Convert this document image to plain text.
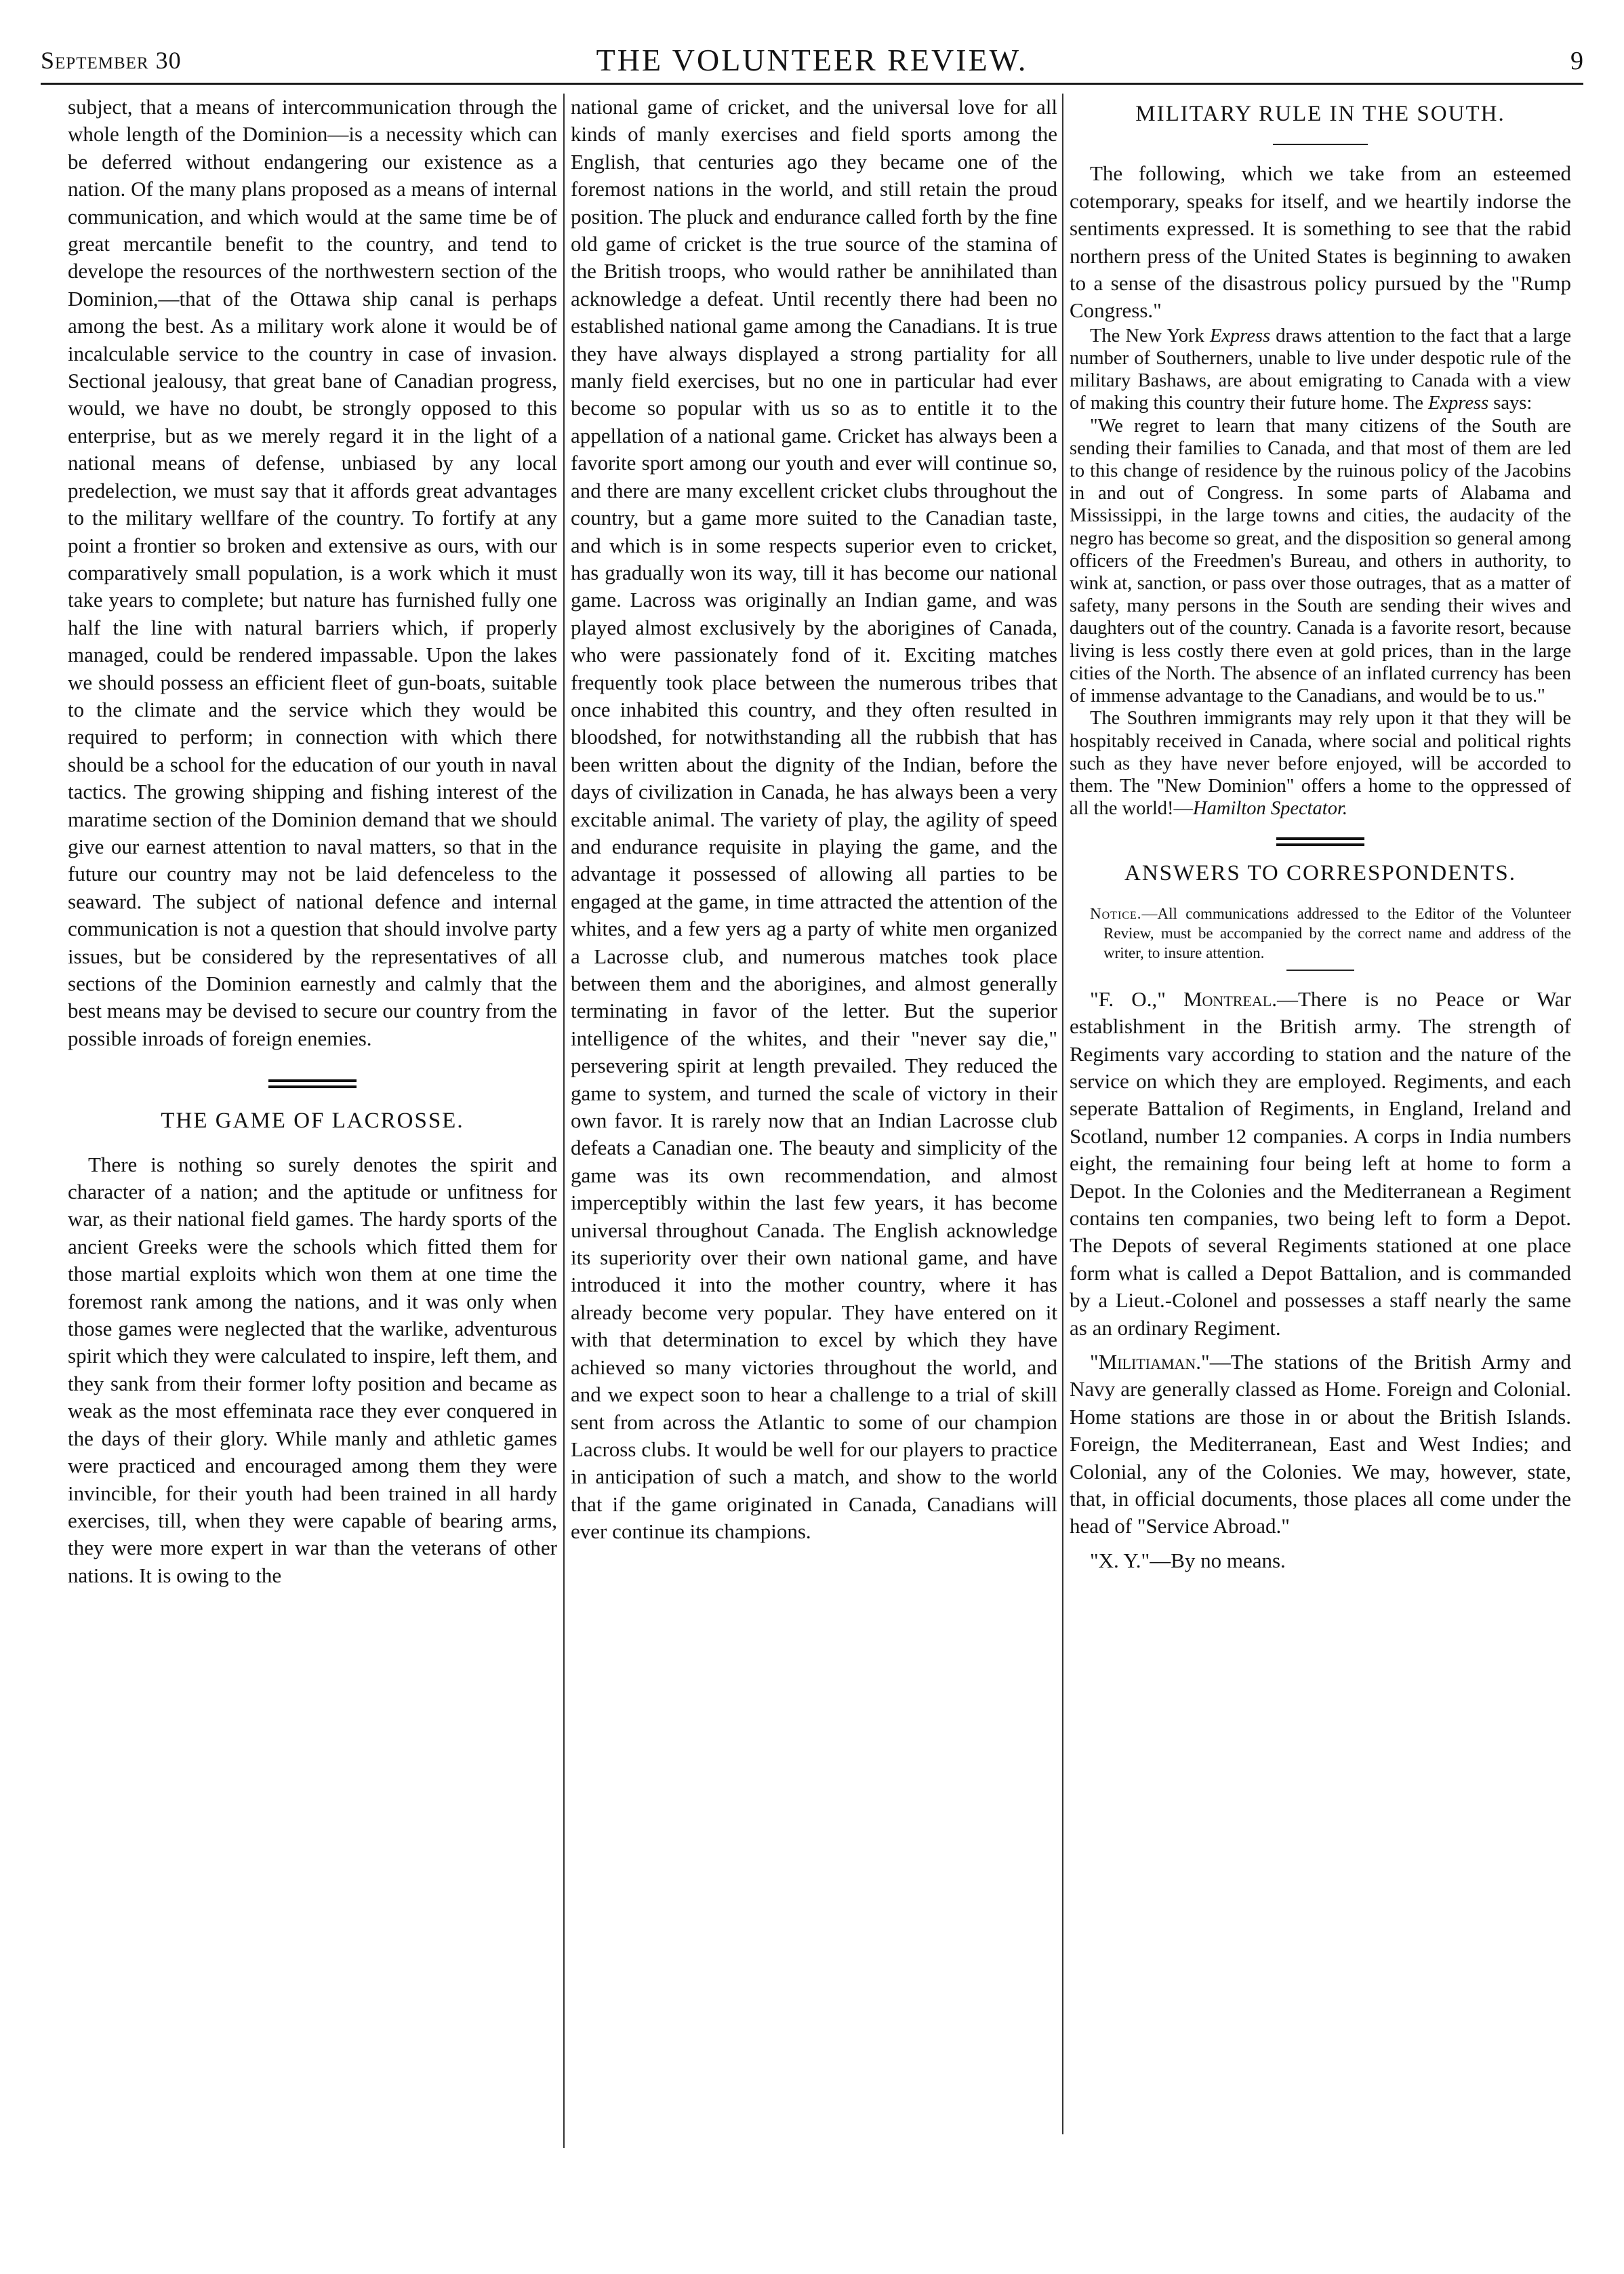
September 30	THE VOLUNTEER REVIEW.	9

subject, that a means of intercommunication through the whole length of the Dominion—is a necessity which can be deferred without endangering our existence as a nation. Of the many plans proposed as a means of internal communication, and which would at the same time be of great mercantile benefit to the country, and tend to develope the resources of the northwestern section of the Dominion,—that of the Ottawa ship canal is perhaps among the best. As a military work alone it would be of incalculable service to the country in case of invasion. Sectional jealousy, that great bane of Canadian progress, would, we have no doubt, be strongly opposed to this enterprise, but as we merely regard it in the light of a national means of defense, unbiased by any local predelection, we must say that it affords great advantages to the military wellfare of the country. To fortify at any point a frontier so broken and extensive as ours, with our comparatively small population, is a work which it must take years to complete; but nature has furnished fully one half the line with natural barriers which, if properly managed, could be rendered impassable. Upon the lakes we should possess an efficient fleet of gun-boats, suitable to the climate and the service which they would be required to perform; in connection with which there should be a school for the education of our youth in naval tactics. The growing shipping and fishing interest of the maratime section of the Dominion demand that we should give our earnest attention to naval matters, so that in the future our country may not be laid defenceless to the seaward. The subject of national defence and internal communication is not a question that should involve party issues, but be considered by the representatives of all sections of the Dominion earnestly and calmly that the best means may be devised to secure our country from the possible inroads of foreign enemies.

THE GAME OF LACROSSE.

There is nothing so surely denotes the spirit and character of a nation; and the aptitude or unfitness for war, as their national field games. The hardy sports of the ancient Greeks were the schools which fitted them for those martial exploits which won them at one time the foremost rank among the nations, and it was only when those games were neglected that the warlike, adventurous spirit which they were calculated to inspire, left them, and they sank from their former lofty position and became as weak as the most effeminata race they ever conquered in the days of their glory. While manly and athletic games were practiced and encouraged among them they were invincible, for their youth had been trained in all hardy exercises, till, when they were capable of bearing arms, they were more expert in war than the veterans of other nations. It is owing to the

national game of cricket, and the universal love for all kinds of manly exercises and field sports among the English, that centuries ago they became one of the foremost nations in the world, and still retain the proud position. The pluck and endurance called forth by the fine old game of cricket is the true source of the stamina of the British troops, who would rather be annihilated than acknowledge a defeat. Until recently there had been no established national game among the Canadians. It is true they have always displayed a strong partiality for all manly field exercises, but no one in particular had ever become so popular with us so as to entitle it to the appellation of a national game. Cricket has always been a favorite sport among our youth and ever will continue so, and there are many excellent cricket clubs throughout the country, but a game more suited to the Canadian taste, and which is in some respects superior even to cricket, has gradually won its way, till it has become our national game. Lacross was originally an Indian game, and was played almost exclusively by the aborigines of Canada, who were passionately fond of it. Exciting matches frequently took place between the numerous tribes that once inhabited this country, and they often resulted in bloodshed, for notwithstanding all the rubbish that has been written about the dignity of the Indian, before the days of civilization in Canada, he has always been a very excitable animal. The variety of play, the agility of speed and endurance requisite in playing the game, and the advantage it possessed of allowing all parties to be engaged at the game, in time attracted the attention of the whites, and a few yers ag a party of white men organized a Lacrosse club, and numerous matches took place between them and the aborigines, and almost generally terminating in favor of the letter. But the superior intelligence of the whites, and their "never say die," persevering spirit at length prevailed. They reduced the game to system, and turned the scale of victory in their own favor. It is rarely now that an Indian Lacrosse club defeats a Canadian one. The beauty and simplicity of the game was its own recommendation, and almost imperceptibly within the last few years, it has become universal throughout Canada. The English acknowledge its superiority over their own national game, and have introduced it into the mother country, where it has already become very popular. They have entered on it with that determination to excel by which they have achieved so many victories throughout the world, and and we expect soon to hear a challenge to a trial of skill sent from across the Atlantic to some of our champion Lacross clubs. It would be well for our players to practice in anticipation of such a match, and show to the world that if the game originated in Canada, Canadians will ever continue its champions.

MILITARY RULE IN THE SOUTH.

The following, which we take from an esteemed cotemporary, speaks for itself, and we heartily indorse the sentiments expressed. It is something to see that the rabid northern press of the United States is beginning to awaken to a sense of the disastrous policy pursued by the "Rump Congress."

The New York Express draws attention to the fact that a large number of Southerners, unable to live under despotic rule of the military Bashaws, are about emigrating to Canada with a view of making this country their future home. The Express says:

"We regret to learn that many citizens of the South are sending their families to Canada, and that most of them are led to this change of residence by the ruinous policy of the Jacobins in and out of Congress. In some parts of Alabama and Mississippi, in the large towns and cities, the audacity of the negro has become so great, and the disposition so general among officers of the Freedmen's Bureau, and others in authority, to wink at, sanction, or pass over those outrages, that as a matter of safety, many persons in the South are sending their wives and daughters out of the country. Canada is a favorite resort, because living is less costly there even at gold prices, than in the large cities of the North. The absence of an inflated currency has been of immense advantage to the Canadians, and would be to us."

The Southren immigrants may rely upon it that they will be hospitably received in Canada, where social and political rights such as they have never before enjoyed, will be accorded to them. The "New Dominion" offers a home to the oppressed of all the world!—Hamilton Spectator.

ANSWERS TO CORRESPONDENTS.

Notice.—All communications addressed to the Editor of the Volunteer Review, must be accompanied by the correct name and address of the writer, to insure attention.

"F. O.," Montreal.—There is no Peace or War establishment in the British army. The strength of Regiments vary according to station and the nature of the service on which they are employed. Regiments, and each seperate Battalion of Regiments, in England, Ireland and Scotland, number 12 companies. A corps in India numbers eight, the remaining four being left at home to form a Depot. In the Colonies and the Mediterranean a Regiment contains ten companies, two being left to form a Depot. The Depots of several Regiments stationed at one place form what is called a Depot Battalion, and is commanded by a Lieut.-Colonel and possesses a staff nearly the same as an ordinary Regiment.

"Militiaman."—The stations of the British Army and Navy are generally classed as Home. Foreign and Colonial. Home stations are those in or about the British Islands. Foreign, the Mediterranean, East and West Indies; and Colonial, any of the Colonies. We may, however, state, that, in official documents, those places all come under the head of "Service Abroad."

"X. Y."—By no means.
